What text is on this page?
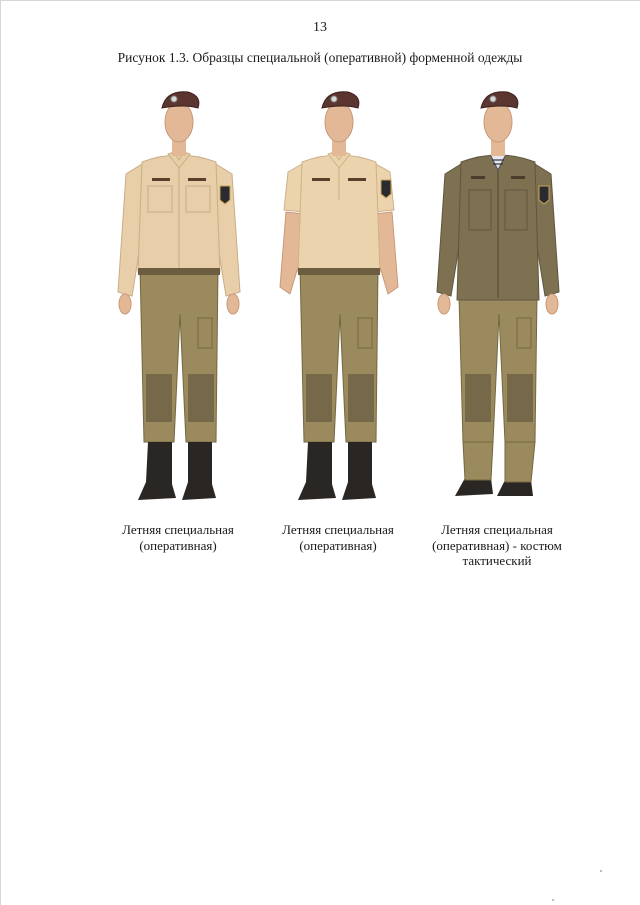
13
Рисунок 1.3. Образцы специальной (оперативной) форменной одежды
Летняя специальная (оперативная)
Летняя специальная (оперативная)
Летняя специальная (оперативная) - костюм тактический
